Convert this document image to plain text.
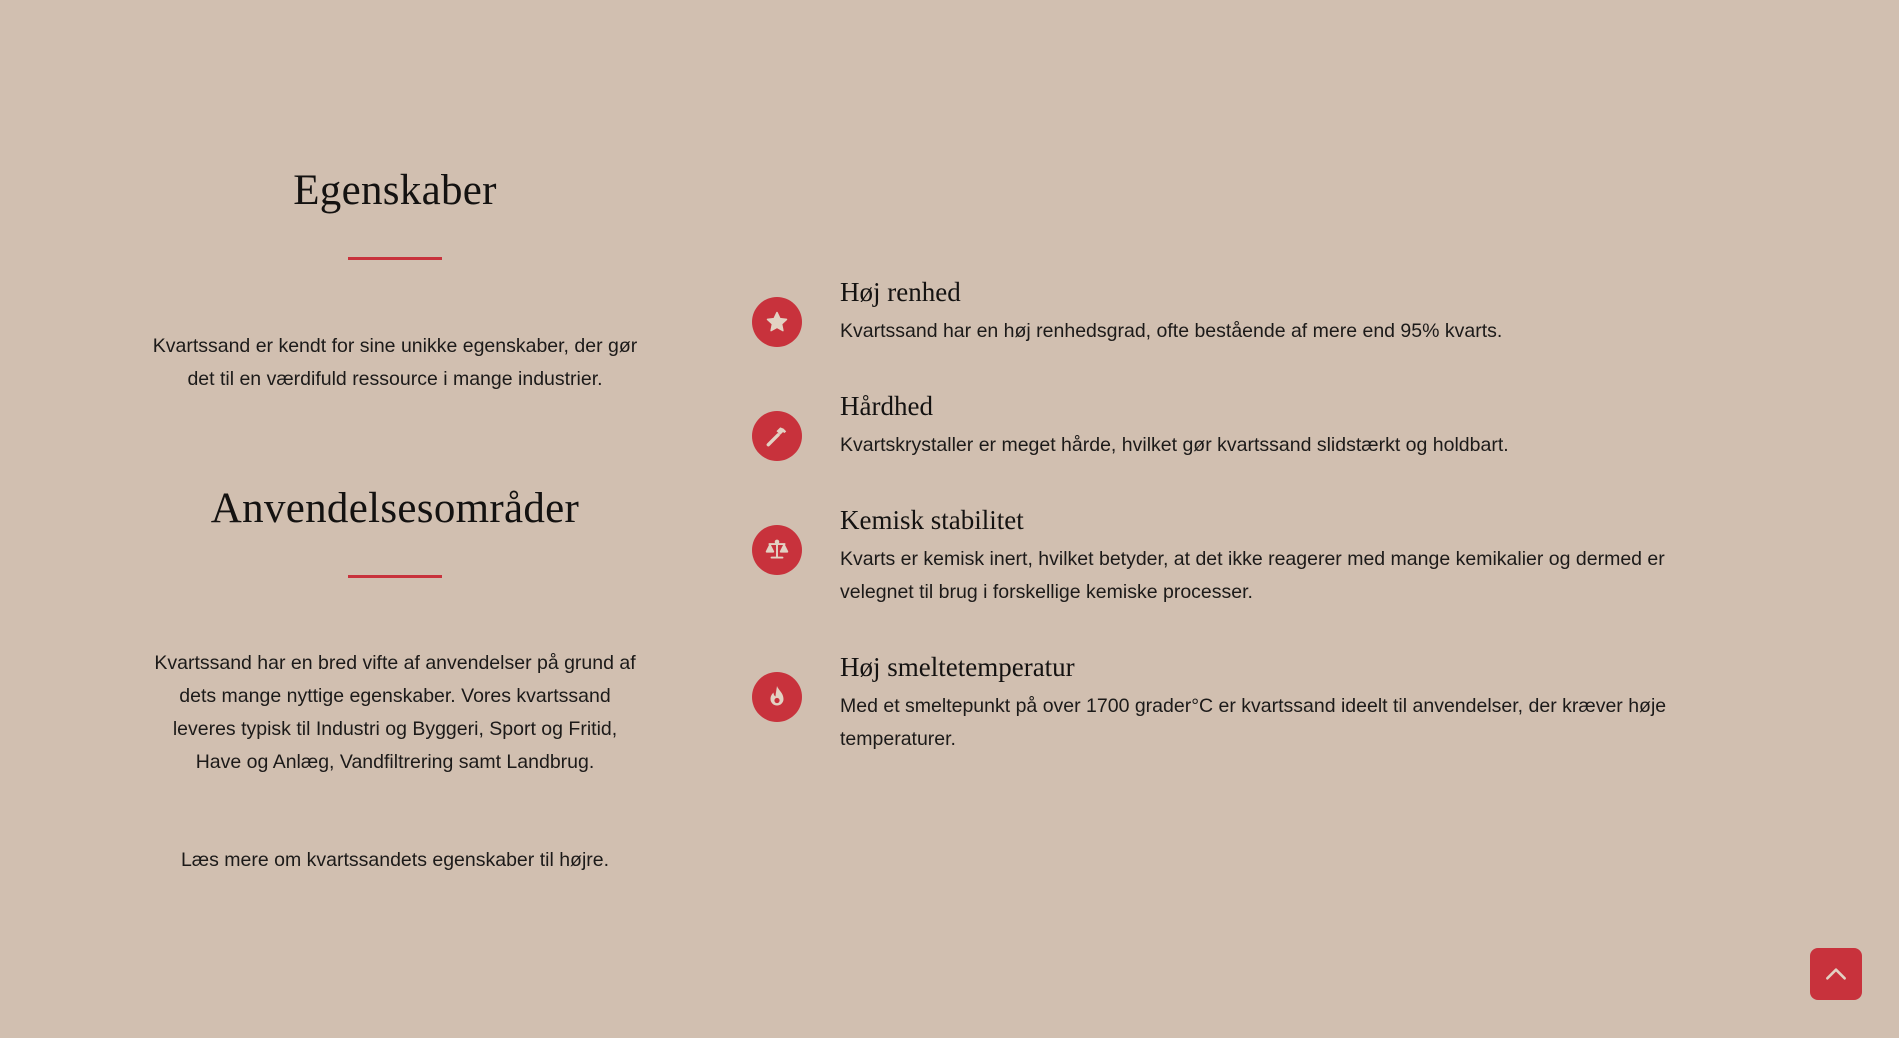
Egenskaber

Kvartssand er kendt for sine unikke egenskaber, der gør det til en værdifuld ressource i mange industrier.

Anvendelsesområder

Kvartssand har en bred vifte af anvendelser på grund af dets mange nyttige egenskaber. Vores kvartssand leveres typisk til Industri og Byggeri, Sport og Fritid, Have og Anlæg, Vandfiltrering samt Landbrug.

Læs mere om kvartssandets egenskaber til højre.

Høj renhed

Kvartssand har en høj renhedsgrad, ofte bestående af mere end 95% kvarts.

Hårdhed

Kvartskrystaller er meget hårde, hvilket gør kvartssand slidstærkt og holdbart.

Kemisk stabilitet

Kvarts er kemisk inert, hvilket betyder, at det ikke reagerer med mange kemikalier og dermed er velegnet til brug i forskellige kemiske processer.

Høj smeltetemperatur

Med et smeltepunkt på over 1700 grader°C er kvartssand ideelt til anvendelser, der kræver høje temperaturer.
